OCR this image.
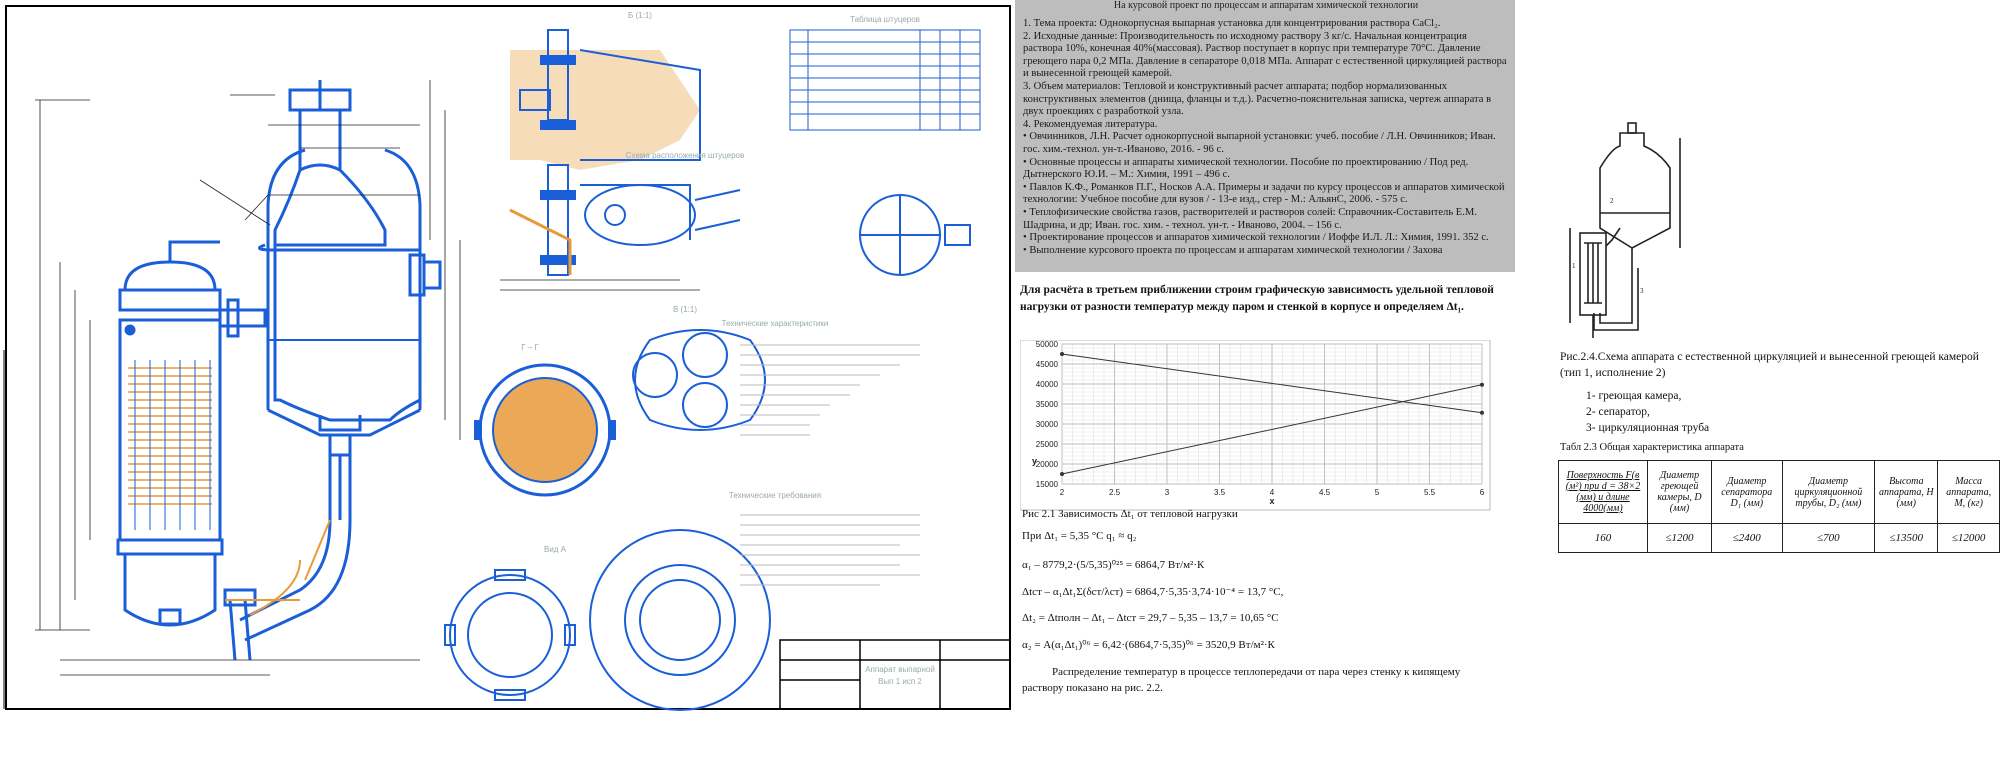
Таблица штуцеров
Б (1:1)
Схема расположения штуцеров
В (1:1)
Г – Г
Вид А
Технические характеристики
Технические требования
Аппарат выпарной
Вып 1 исп 2
На курсовой проект по процессам и аппаратам химической технологии

1. Тема проекта: Однокорпусная выпарная установка для концентрирования раствора CaCl₂.

2. Исходные данные: Производительность по исходному раствору 3 кг/с. Начальная концентрация раствора 10%, конечная 40%(массовая). Раствор поступает в корпус при температуре 70°С. Давление греющего пара 0,2 МПа. Давление в сепараторе 0,018 МПа. Аппарат с естественной циркуляцией раствора и вынесенной греющей камерой.

3. Объем материалов: Тепловой и конструктивный расчет аппарата; подбор нормализованных конструктивных элементов (днища, фланцы и т.д.). Расчетно-пояснительная записка, чертеж аппарата в двух проекциях с разработкой узла.

4. Рекомендуемая литература.

• Овчинников, Л.Н. Расчет однокорпусной выпарной установки: учеб. пособие / Л.Н. Овчинников; Иван. гос. хим.-технол. ун-т.-Иваново, 2016. - 96 с.

• Основные процессы и аппараты химической технологии. Пособие по проектированию / Под ред. Дытнерского Ю.И. – М.: Химия, 1991 – 496 с.

• Павлов К.Ф., Романков П.Г., Носков А.А. Примеры и задачи по курсу процессов и аппаратов химической технологии: Учебное пособие для вузов / - 13-е изд., стер - М.: АльянС, 2006. - 575 с.

• Теплофизические свойства газов, растворителей и растворов солей: Справочник-Составитель Е.М. Шадрина, и др; Иван. гос. хим. - технол. ун-т. - Иваново, 2004. – 156 с.

• Проектирование процессов и аппаратов химической технологии / Иоффе И.Л. Л.: Химия, 1991. 352 с.

• Выполнение курсового проекта по процессам и аппаратам химической технологии / Захова

Для расчёта в третьем приближении строим графическую зависимость удельной тепловой нагрузки от разности температур между паром и стенкой в корпусе и определяем Δt₁.
2	2.5	3	3.5	4	4.5	5	5.5	6
15000
20000
25000
30000
35000
40000
45000
50000
x
y
Рис 2.1 Зависимость Δt₁ от тепловой нагрузки
При Δt₁ = 5,35 °С q₁ ≈ q₂
α₁ – 8779,2·(5/5,35)⁰²⁵ = 6864,7 Вт/м²·К
Δtст – α₁Δt₁Σ(δст/λст) = 6864,7·5,35·3,74·10⁻⁴ = 13,7 °С,
Δt₂ = Δtполн – Δt₁ – Δtст = 29,7 – 5,35 – 13,7 = 10,65 °С
α₂ = A(α₁Δt₁)⁰⁶ = 6,42·(6864,7·5,35)⁰⁶ = 3520,9 Вт/м²·К
Распределение температур в процессе теплопередачи от пара через стенку к кипящему раствору показано на рис. 2.2.
2
1
3
Рис.2.4.Схема аппарата с естественной циркуляцией и вынесенной греющей камерой (тип 1, исполнение 2)
1- греющая камера,
2- сепаратор,
3- циркуляционная труба
Табл 2.3 Общая характеристика аппарата
Поверхность F(в (м²) при d = 38×2 (мм) и длине 4000(мм)	Диаметр греющей камеры, D (мм)	Диаметр сепаратора D₁ (мм)	Диаметр циркуляционной трубы, D₂ (мм)	Высота аппарата, H (мм)	Масса аппарата, M, (кг)
160	≤1200	≤2400	≤700	≤13500	≤12000
